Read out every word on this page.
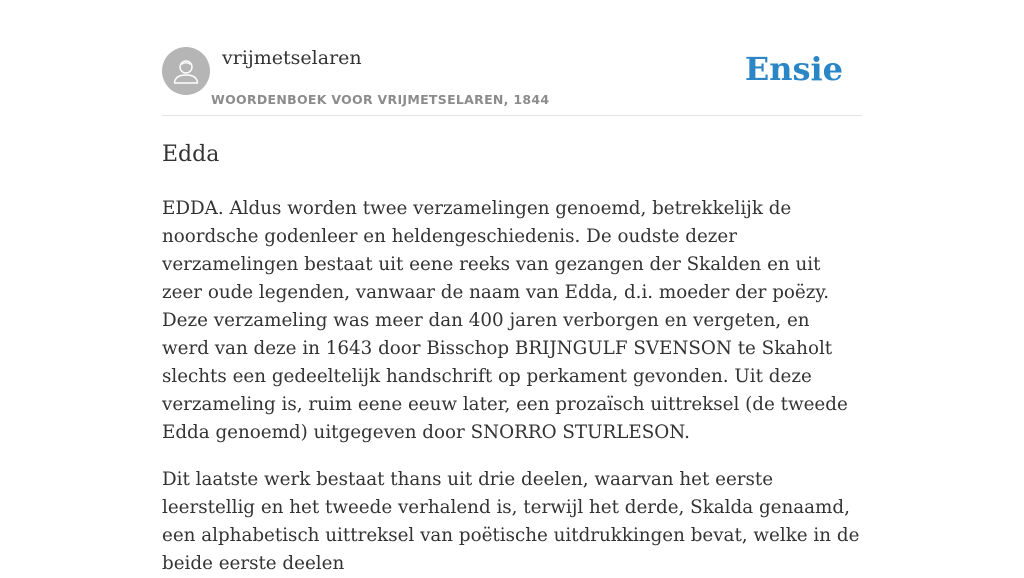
vrijmetselaren
WOORDENBOEK VOOR VRIJMETSELAREN, 1844
Ensie
Edda

EDDA. Aldus worden twee verzamelingen genoemd, betrekkelijk de noordsche godenleer en heldengeschiedenis. De oudste dezer verzamelingen bestaat uit eene reeks van gezangen der Skalden en uit zeer oude legenden, vanwaar de naam van Edda, d.i. moeder der poëzy. Deze verzameling was meer dan 400 jaren verborgen en vergeten, en werd van deze in 1643 door Bisschop BRIJNGULF SVENSON te Skaholt slechts een gedeeltelijk handschrift op perkament gevonden. Uit deze verzameling is, ruim eene eeuw later, een prozaïsch uittreksel (de tweede Edda genoemd) uitgegeven door SNORRO STURLESON.

Dit laatste werk bestaat thans uit drie deelen, waarvan het eerste leerstellig en het tweede verhalend is, terwijl het derde, Skalda genaamd, een alphabetisch uittreksel van poëtische uitdrukkingen bevat, welke in de beide eerste deelen
